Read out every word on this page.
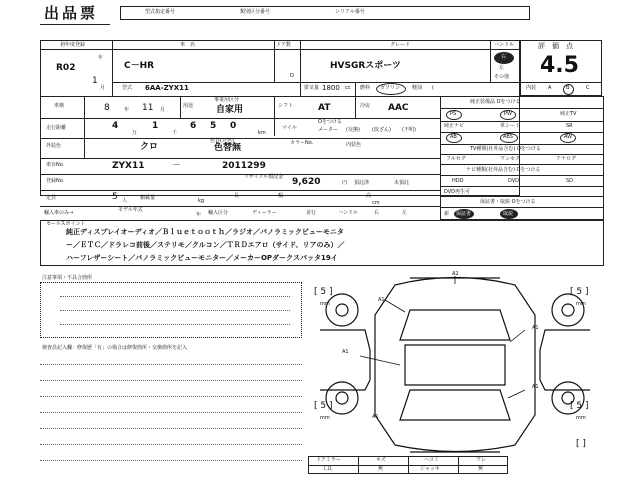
出品票	型式指定番号	類別区分番号	シリアル番号
初年度登録
R02
年
1
月
車　名
C－HR
ドア数
D
グレード
HVSGRスポーツ
ハンドル
右
左
その他
評　価　点
4.5
型式 6AA-ZYX11	排気量 1800 cc 燃料 ガソリン 軽油 (	内装 A	B	C
車検	8	年 11 月
用途
事業用区分
自家用	シフト	AT	冷房 AAC
走行距離	4
万
1
千
6 5 0
km
マイル
Oをつける
メーター (交換) (改ざん) (不明)
外装色	クロ
色替(元色)
色替無	カラーNo.	内装色
車台No.	ZYX11	－	2011299
登録No.
リサイクル預託金 9,620	円 預託済	未預託
定員	5 人	積載量	kg
長	幅	高
cm
輸入車のみ→	モデル年式
年 輸入区分	ディーラー	並行	ハンドル	右	左
純正装備品 Oをつける
PS	PW	純正TV
純正ナビ	革シート	SR
AB	ABS	AW
TV種類(社外品含む) Oをつける
フルセグ	ワンセグ	アナログ
ナビ種類(社外品含む) Oをつける
HDD	DVD	SD
DVD再生可
保証書・取説 Oをつける
新 保証書	取説
セールスポイント
純正ディスプレイオーディオ／Ｂｌｕｅｔｏｏｔｈ／ラジオ／パノラミックビューモニタ
ー／ＥＴＣ／ドラレコ前後／ステリモ／クルコン／ＴＲＤエアロ（サイド、リアのみ）／
ハーフレザーシート／パノラミックビューモニター／メーカーOPダークスパッタ19イ
注意事項・不具合箇所
検査員記入欄：修復歴「有」の場合は修復箇所・交換箇所を記入
A2
A1
A1
A1
A1
A1
[ 5 ]
mm
[ 5 ]
mm
[ 5 ]
mm
[ 5 ]
mm
[ ]
ドアミラー	キズ	ヘコミ	ワレ
工具	無	ジャッキ	無
